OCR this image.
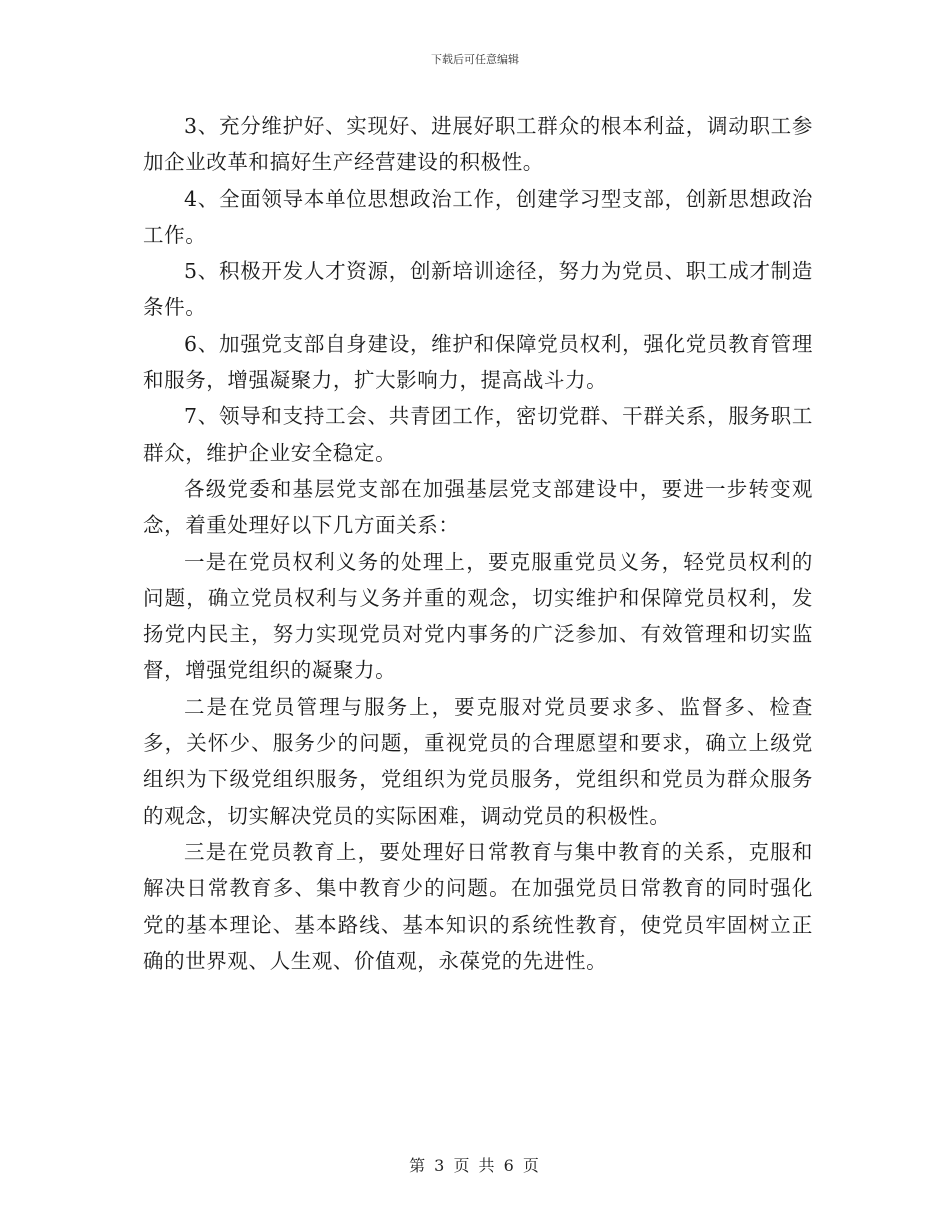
下载后可任意编辑

3、充分维护好、实现好、进展好职工群众的根本利益，调动职工参加企业改革和搞好生产经营建设的积极性。

4、全面领导本单位思想政治工作，创建学习型支部，创新思想政治工作。

5、积极开发人才资源，创新培训途径，努力为党员、职工成才制造条件。

6、加强党支部自身建设，维护和保障党员权利，强化党员教育管理和服务，增强凝聚力，扩大影响力，提高战斗力。

7、领导和支持工会、共青团工作，密切党群、干群关系，服务职工群众，维护企业安全稳定。

各级党委和基层党支部在加强基层党支部建设中，要进一步转变观念，着重处理好以下几方面关系：

一是在党员权利义务的处理上，要克服重党员义务，轻党员权利的问题，确立党员权利与义务并重的观念，切实维护和保障党员权利，发扬党内民主，努力实现党员对党内事务的广泛参加、有效管理和切实监督，增强党组织的凝聚力。

二是在党员管理与服务上，要克服对党员要求多、监督多、检查多，关怀少、服务少的问题，重视党员的合理愿望和要求，确立上级党组织为下级党组织服务，党组织为党员服务，党组织和党员为群众服务的观念，切实解决党员的实际困难，调动党员的积极性。

三是在党员教育上，要处理好日常教育与集中教育的关系，克服和解决日常教育多、集中教育少的问题。在加强党员日常教育的同时强化党的基本理论、基本路线、基本知识的系统性教育，使党员牢固树立正确的世界观、人生观、价值观，永葆党的先进性。

第 3 页 共 6 页
